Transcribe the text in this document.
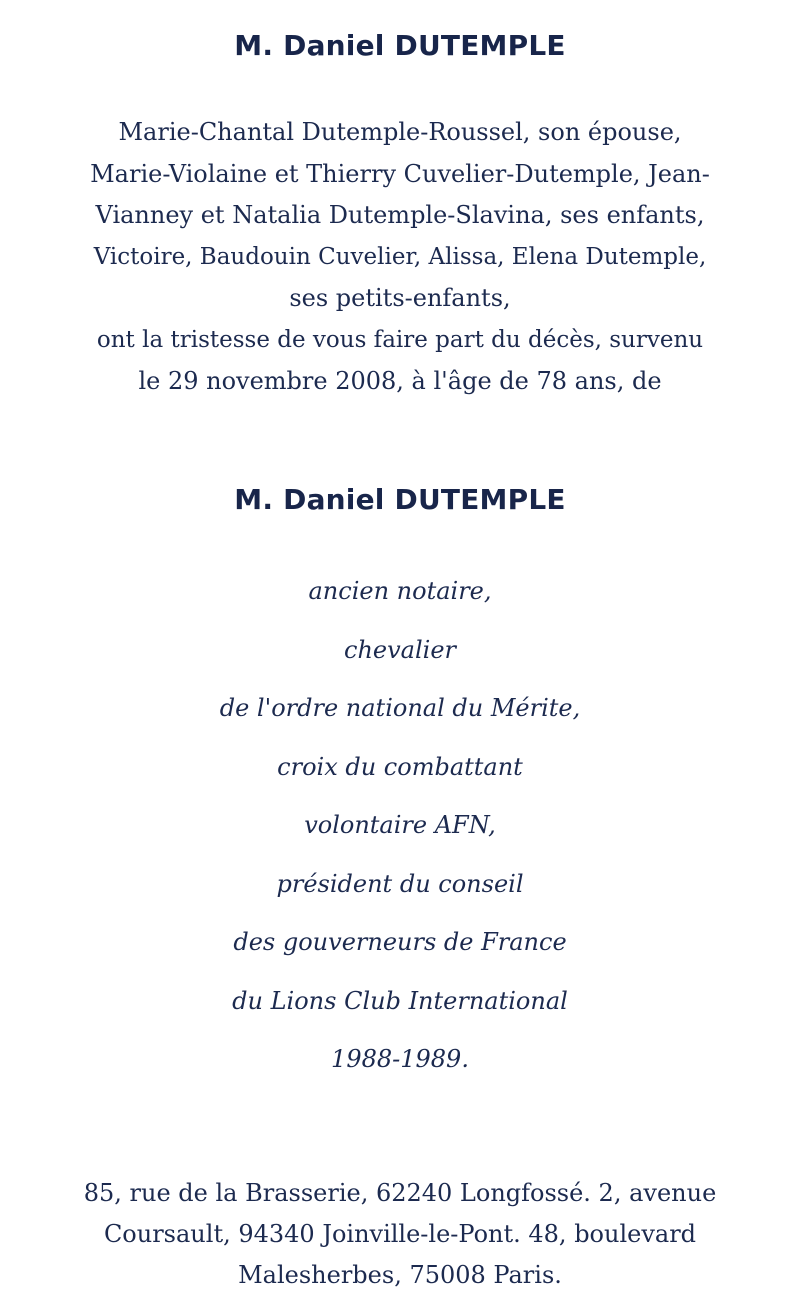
M. Daniel DUTEMPLE

Marie-Chantal Dutemple-Roussel, son épouse,
Marie-Violaine et Thierry Cuvelier-Dutemple, Jean-
Vianney et Natalia Dutemple-Slavina, ses enfants,
Victoire, Baudouin Cuvelier, Alissa, Elena Dutemple,
ses petits-enfants,
ont la tristesse de vous faire part du décès, survenu
le 29 novembre 2008, à l'âge de 78 ans, de

M. Daniel DUTEMPLE
ancien notaire,
chevalier
de l'ordre national du Mérite,
croix du combattant
volontaire AFN,
président du conseil
des gouverneurs de France
du Lions Club International
1988-1989.

85, rue de la Brasserie, 62240 Longfossé. 2, avenue
Coursault, 94340 Joinville-le-Pont. 48, boulevard
Malesherbes, 75008 Paris.
